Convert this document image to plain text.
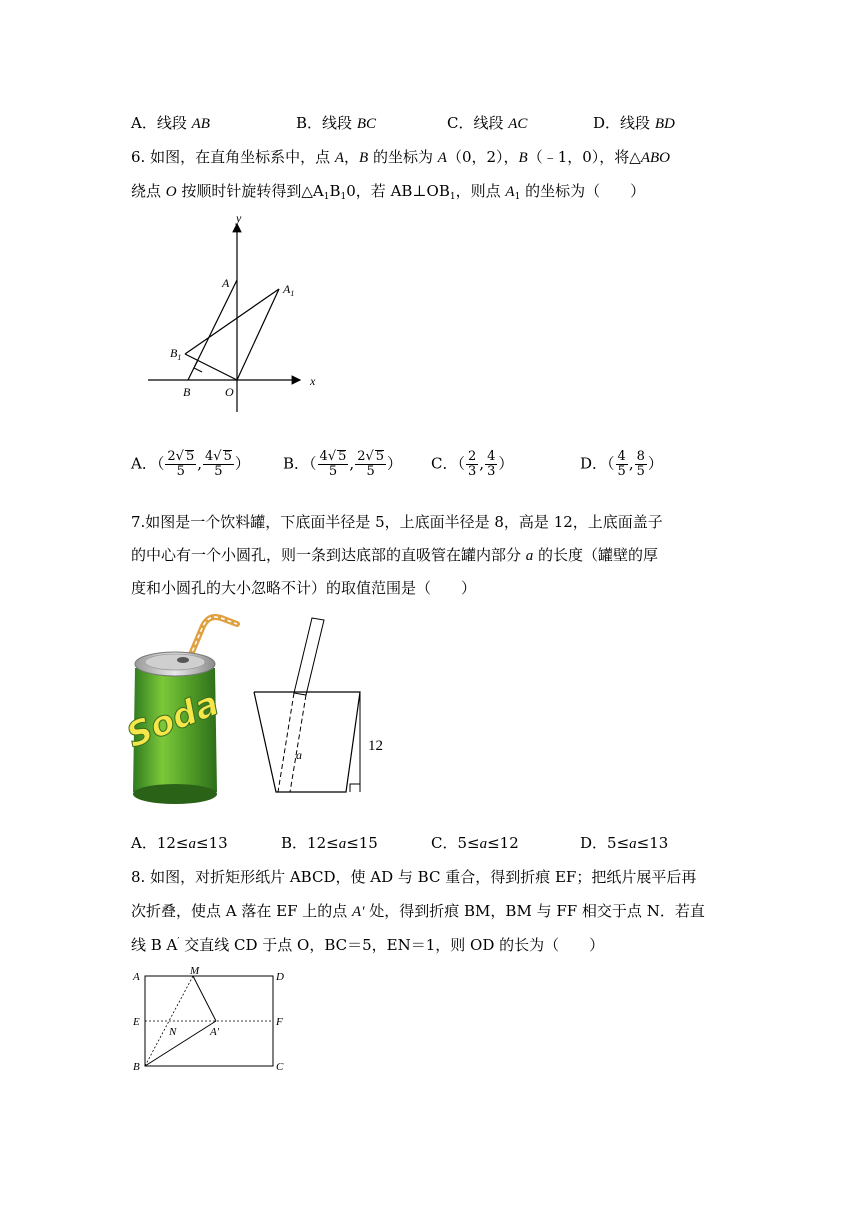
A．线段 AB	B．线段 BC	C．线段 AC	D．线段 BD
6. 如图，在直角坐标系中，点 A，B 的坐标为 A（0，2），B（﹣1，0），将△ABO
绕点 O 按顺时针旋转得到$\triangle A_1B_10$，若 $AB\perp OB_1$，则点 $A_1$ 的坐标为（　　）
y
x
A	$A_1$
$B_1$
B	O
A．（ $\frac{2√ 5}{5}$ , $\frac{4√ 5}{5}$ ） B．（ $\frac{4√ 5}{5}$ , $\frac{2√ 5}{5}$ ） C．（ $\frac{2}{3}$ , $\frac{4}{3}$ ）	D．（ $\frac{4}{5}$ , $\frac{8}{5}$ ）
7.如图是一个饮料罐，下底面半径是 5，上底面半径是 8，高是 12，上底面盖子
的中心有一个小圆孔，则一条到达底部的直吸管在罐内部分 a 的长度（罐壁的厚
度和小圆孔的大小忽略不计）的取值范围是（　　）
Soda	a
12
A．12≤a≤13	B．12≤a≤15	C．5≤a≤12	D．5≤a≤13
8. 如图，对折矩形纸片 ABCD，使 AD 与 BC 重合，得到折痕 EF；把纸片展平后再
次折叠，使点 A 落在 EF 上的点 A′ 处，得到折痕 BM，BM 与 FF 相交于点 N．若直
线 B A′ 交直线 CD 于点 O，BC＝5，EN＝1，则 OD 的长为（　　）
A	M	D
E
N	A′
F
B	C
